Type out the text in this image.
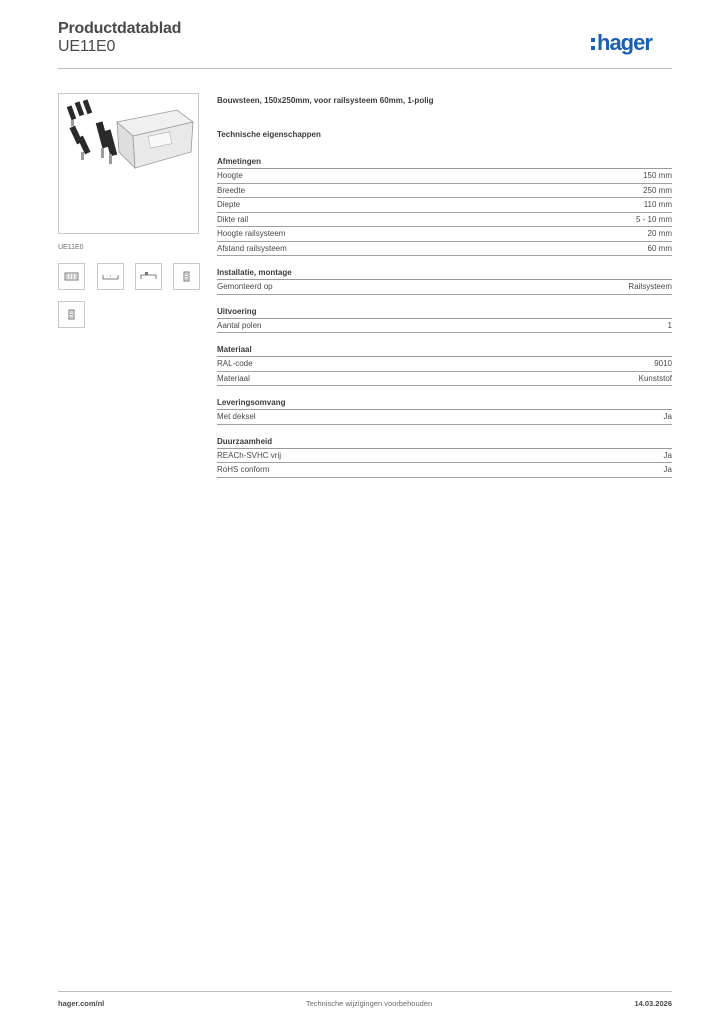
Productdatablad
UE11E0	hager
UE11E0
Bouwsteen, 150x250mm, voor railsysteem 60mm, 1-polig
Technische eigenschappen
Afmetingen
Hoogte	150 mm
Breedte	250 mm
Diepte	110 mm
Dikte rail	5 - 10 mm
Hoogte railsysteem	20 mm
Afstand railsysteem	60 mm
Installatie, montage
Gemonteerd op	Railsysteem
Uitvoering
Aantal polen	1
Materiaal
RAL-code	9010
Materiaal	Kunststof
Leveringsomvang
Met deksel	Ja
Duurzaamheid
REACh-SVHC vrij	Ja
RoHS conform	Ja
hager.com/nl	Technische wijzigingen voorbehouden	14.03.2026
